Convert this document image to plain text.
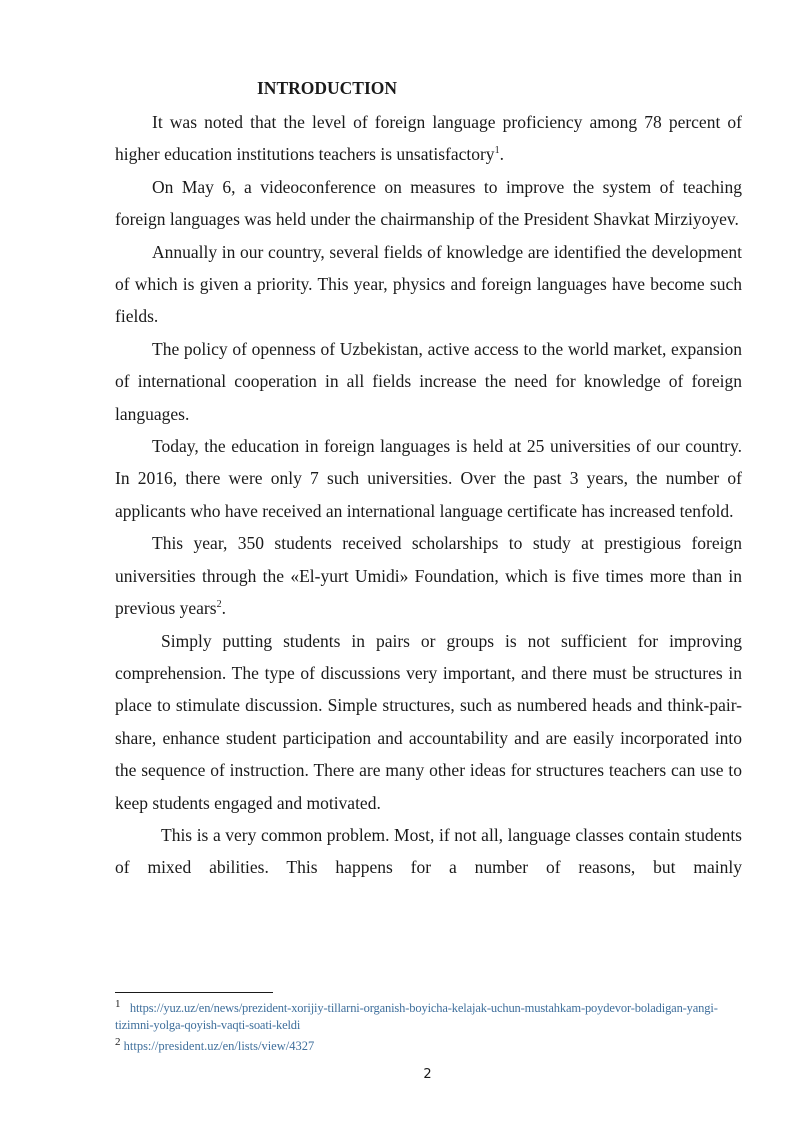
INTRODUCTION

It was noted that the level of foreign language proficiency among 78 percent of higher education institutions teachers is unsatisfactory$^1$.

On May 6, a videoconference on measures to improve the system of teaching foreign languages was held under the chairmanship of the President Shavkat Mirziyoyev.

Annually in our country, several fields of knowledge are identified the development of which is given a priority. This year, physics and foreign languages have become such fields.

The policy of openness of Uzbekistan, active access to the world market, expansion of international cooperation in all fields increase the need for knowledge of foreign languages.

Today, the education in foreign languages is held at 25 universities of our country. In 2016, there were only 7 such universities. Over the past 3 years, the number of applicants who have received an international language certificate has increased tenfold.

This year, 350 students received scholarships to study at prestigious foreign universities through the «El-yurt Umidi» Foundation, which is five times more than in previous years$^2$.

Simply putting students in pairs or groups is not sufficient for improving comprehension. The type of discussions very important, and there must be structures in place to stimulate discussion. Simple structures, such as numbered heads and think-pair-share, enhance student participation and accountability and are easily incorporated into the sequence of instruction. There are many other ideas for structures teachers can use to keep students engaged and motivated.

This is a very common problem. Most, if not all, language classes contain students of mixed abilities. This happens for a number of reasons, but mainly

1 https://yuz.uz/en/news/prezident-xorijiy-tillarni-organish-boyicha-kelajak-uchun-mustahkam-poydevor-boladigan-yangi-tizimni-yolga-qoyish-vaqti-soati-keldi

2 https://president.uz/en/lists/view/4327

2
